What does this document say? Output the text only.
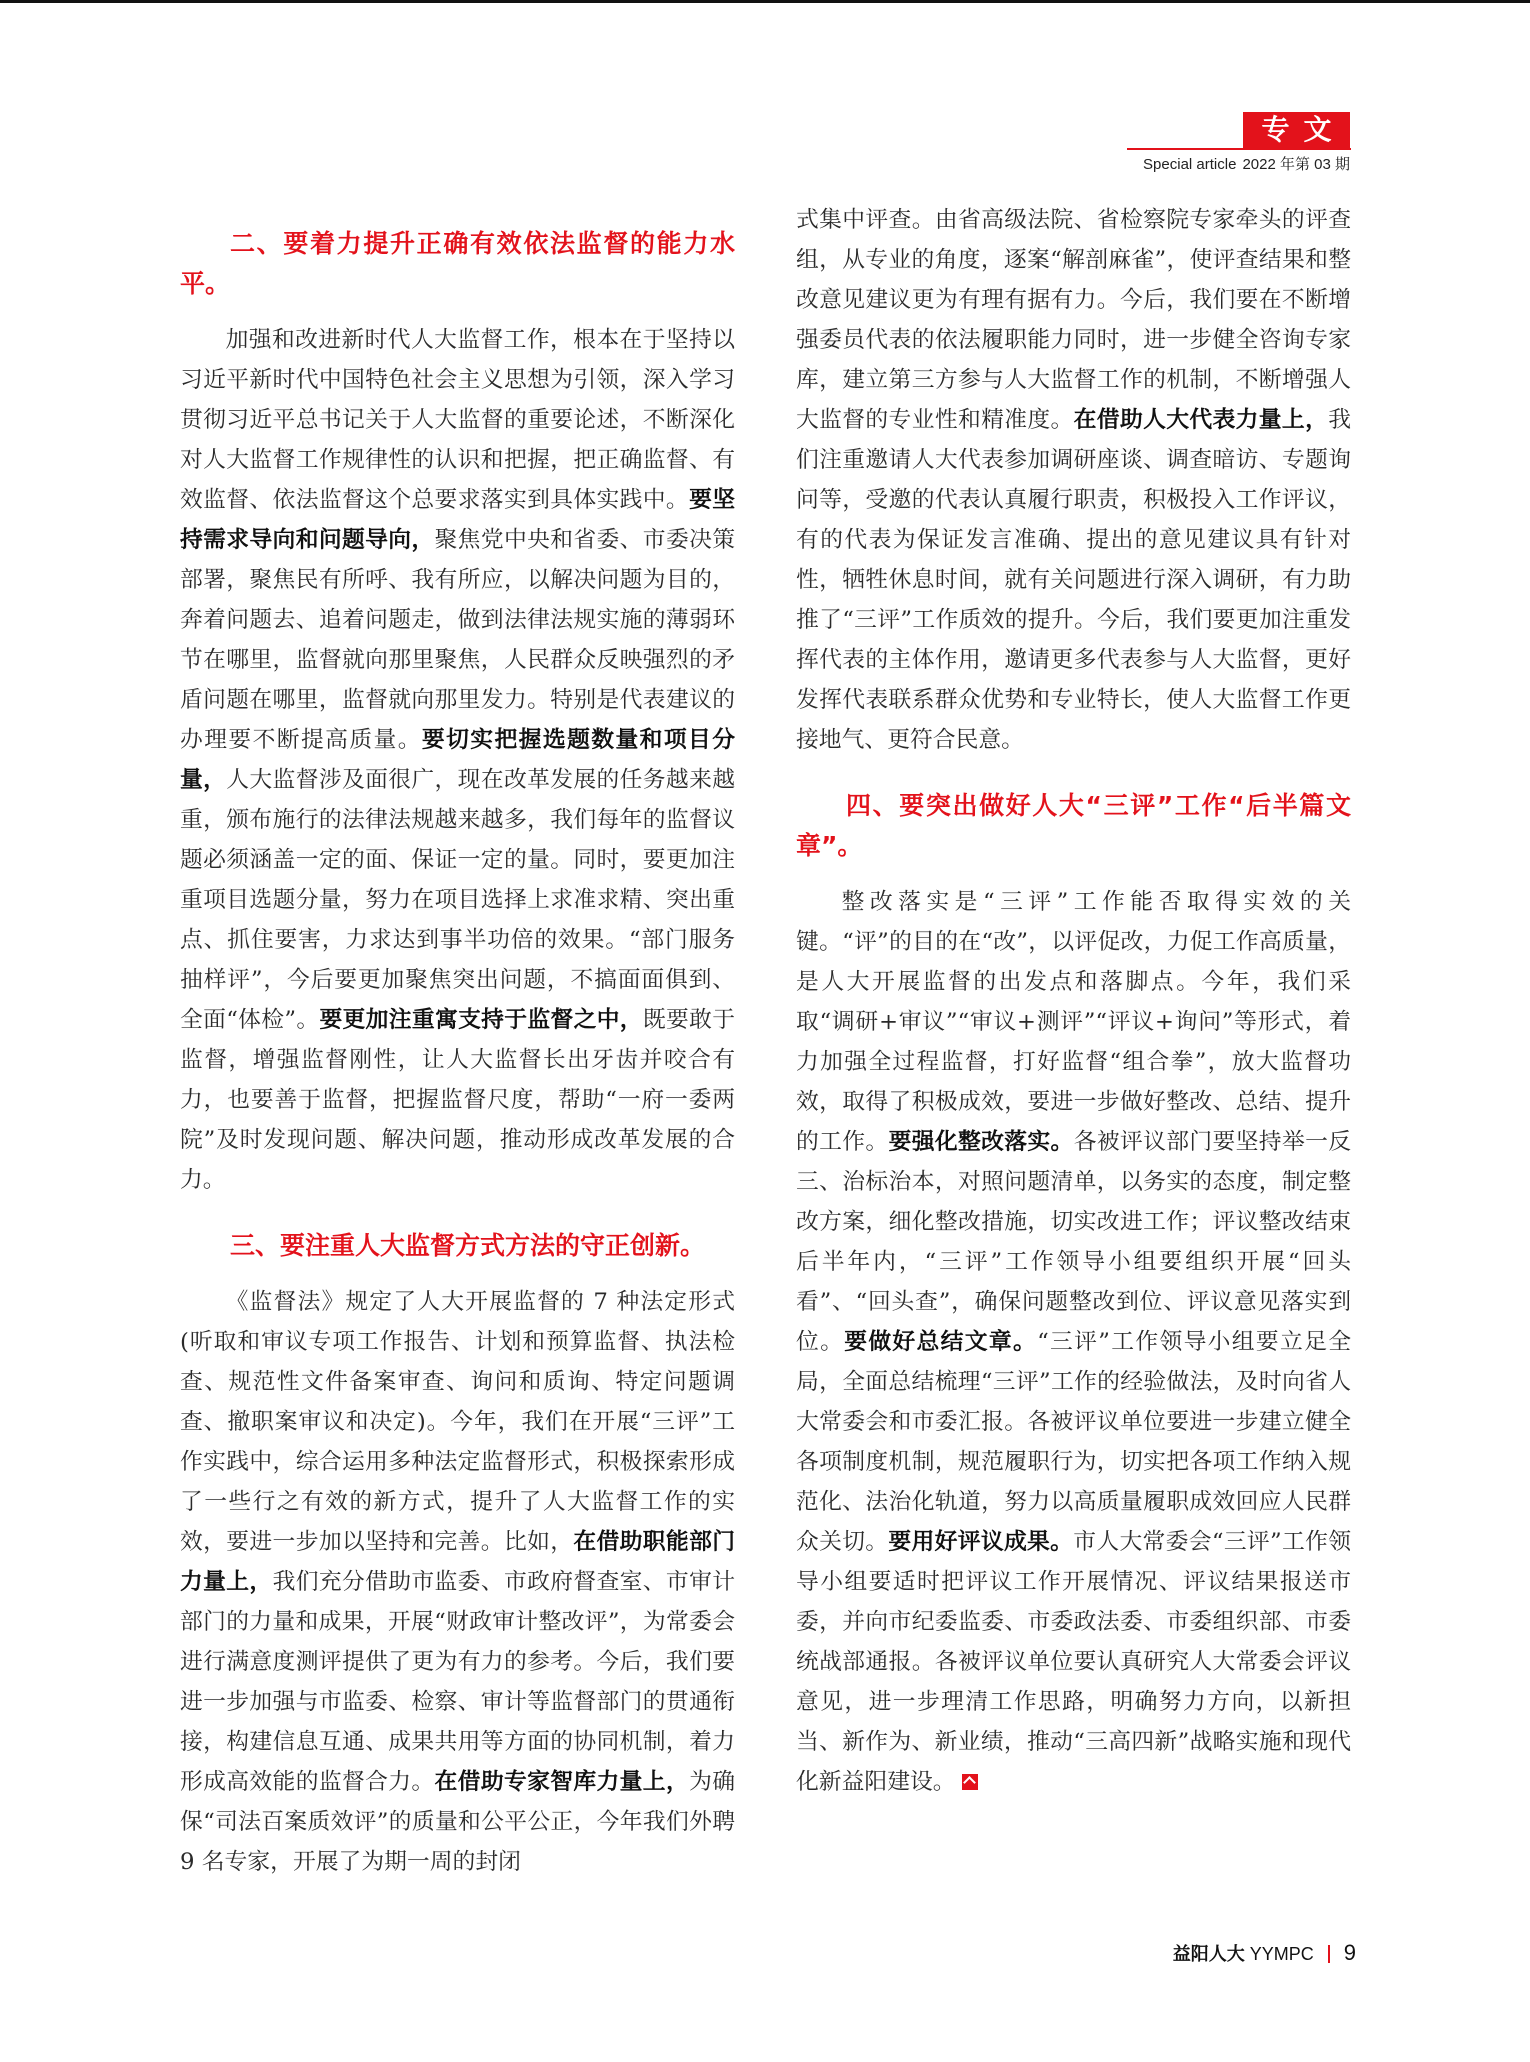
专文
Special article 2022 年第 03 期
二、要着力提升正确有效依法监督的能力水平。

加强和改进新时代人大监督工作，根本在于坚持以习近平新时代中国特色社会主义思想为引领，深入学习贯彻习近平总书记关于人大监督的重要论述，不断深化对人大监督工作规律性的认识和把握，把正确监督、有效监督、依法监督这个总要求落实到具体实践中。要坚持需求导向和问题导向，聚焦党中央和省委、市委决策部署，聚焦民有所呼、我有所应，以解决问题为目的，奔着问题去、追着问题走，做到法律法规实施的薄弱环节在哪里，监督就向那里聚焦，人民群众反映强烈的矛盾问题在哪里，监督就向那里发力。特别是代表建议的办理要不断提高质量。要切实把握选题数量和项目分量，人大监督涉及面很广，现在改革发展的任务越来越重，颁布施行的法律法规越来越多，我们每年的监督议题必须涵盖一定的面、保证一定的量。同时，要更加注重项目选题分量，努力在项目选择上求准求精、突出重点、抓住要害，力求达到事半功倍的效果。“部门服务抽样评”，今后要更加聚焦突出问题，不搞面面俱到、全面“体检”。要更加注重寓支持于监督之中，既要敢于监督，增强监督刚性，让人大监督长出牙齿并咬合有力，也要善于监督，把握监督尺度，帮助“一府一委两院”及时发现问题、解决问题，推动形成改革发展的合力。

三、要注重人大监督方式方法的守正创新。

《监督法》规定了人大开展监督的 7 种法定形式(听取和审议专项工作报告、计划和预算监督、执法检查、规范性文件备案审查、询问和质询、特定问题调查、撤职案审议和决定)。今年，我们在开展“三评”工作实践中，综合运用多种法定监督形式，积极探索形成了一些行之有效的新方式，提升了人大监督工作的实效，要进一步加以坚持和完善。比如，在借助职能部门力量上，我们充分借助市监委、市政府督查室、市审计部门的力量和成果，开展“财政审计整改评”，为常委会进行满意度测评提供了更为有力的参考。今后，我们要进一步加强与市监委、检察、审计等监督部门的贯通衔接，构建信息互通、成果共用等方面的协同机制，着力形成高效能的监督合力。在借助专家智库力量上，为确保“司法百案质效评”的质量和公平公正，今年我们外聘 9 名专家，开展了为期一周的封闭

式集中评查。由省高级法院、省检察院专家牵头的评查组，从专业的角度，逐案“解剖麻雀”，使评查结果和整改意见建议更为有理有据有力。今后，我们要在不断增强委员代表的依法履职能力同时，进一步健全咨询专家库，建立第三方参与人大监督工作的机制，不断增强人大监督的专业性和精准度。在借助人大代表力量上，我们注重邀请人大代表参加调研座谈、调查暗访、专题询问等，受邀的代表认真履行职责，积极投入工作评议，有的代表为保证发言准确、提出的意见建议具有针对性，牺牲休息时间，就有关问题进行深入调研，有力助推了“三评”工作质效的提升。今后，我们要更加注重发挥代表的主体作用，邀请更多代表参与人大监督，更好发挥代表联系群众优势和专业特长，使人大监督工作更接地气、更符合民意。

四、要突出做好人大“三评”工作“后半篇文章”。

整改落实是“三评”工作能否取得实效的关键。“评”的目的在“改”，以评促改，力促工作高质量，是人大开展监督的出发点和落脚点。今年，我们采取“调研+审议”“审议+测评”“评议+询问”等形式，着力加强全过程监督，打好监督“组合拳”，放大监督功效，取得了积极成效，要进一步做好整改、总结、提升的工作。要强化整改落实。各被评议部门要坚持举一反三、治标治本，对照问题清单，以务实的态度，制定整改方案，细化整改措施，切实改进工作；评议整改结束后半年内，“三评”工作领导小组要组织开展“回头看”、“回头查”，确保问题整改到位、评议意见落实到位。要做好总结文章。“三评”工作领导小组要立足全局，全面总结梳理“三评”工作的经验做法，及时向省人大常委会和市委汇报。各被评议单位要进一步建立健全各项制度机制，规范履职行为，切实把各项工作纳入规范化、法治化轨道，努力以高质量履职成效回应人民群众关切。要用好评议成果。市人大常委会“三评”工作领导小组要适时把评议工作开展情况、评议结果报送市委，并向市纪委监委、市委政法委、市委组织部、市委统战部通报。各被评议单位要认真研究人大常委会评议意见，进一步理清工作思路，明确努力方向，以新担当、新作为、新业绩，推动“三高四新”战略实施和现代化新益阳建设。

益阳人大 YYMPC 9
